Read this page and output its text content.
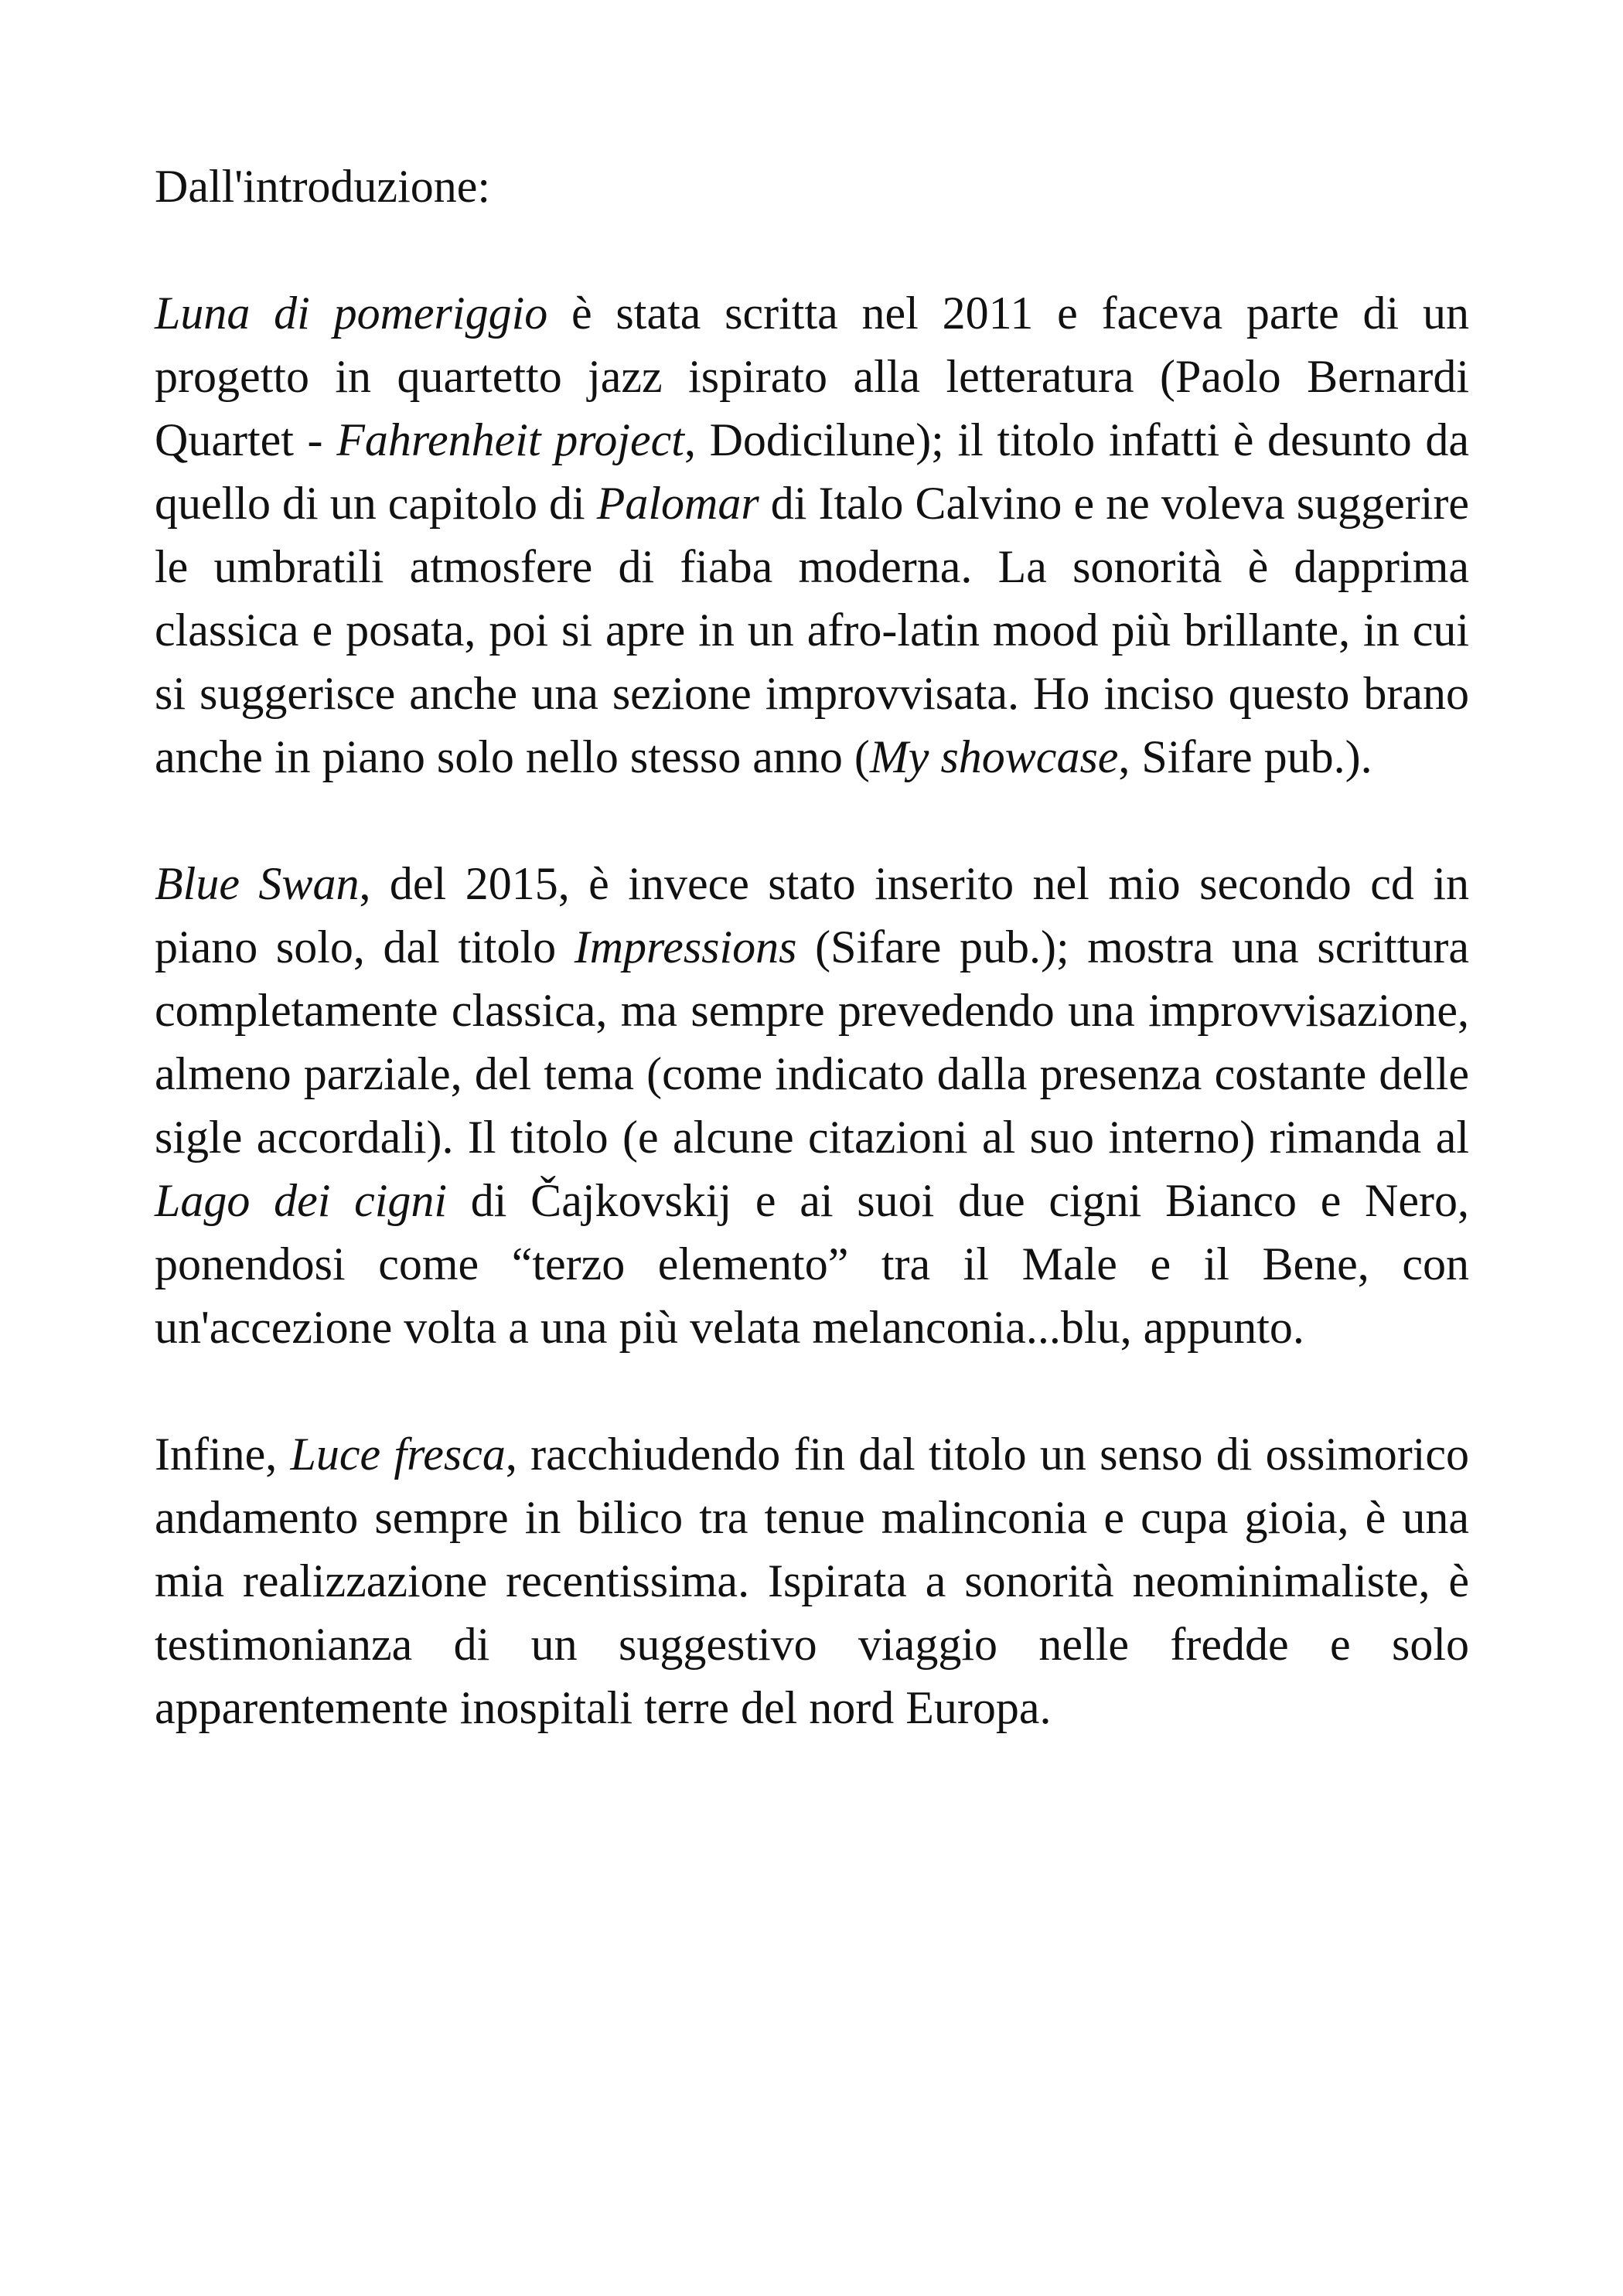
Dall'introduzione:

Luna di pomeriggio è stata scritta nel 2011 e faceva parte di un progetto in quartetto jazz ispirato alla letteratura (Paolo Bernardi Quartet - Fahrenheit project, Dodicilune); il titolo infatti è desunto da quello di un capitolo di Palomar di Italo Calvino e ne voleva suggerire le umbratili atmosfere di fiaba moderna. La sonorità è dapprima classica e posata, poi si apre in un afro-latin mood più brillante, in cui si suggerisce anche una sezione improvvisata. Ho inciso questo brano anche in piano solo nello stesso anno (My showcase, Sifare pub.).

Blue Swan, del 2015, è invece stato inserito nel mio secondo cd in piano solo, dal titolo Impressions (Sifare pub.); mostra una scrittura completamente classica, ma sempre prevedendo una improvvisazione, almeno parziale, del tema (come indicato dalla presenza costante delle sigle accordali). Il titolo (e alcune citazioni al suo interno) rimanda al Lago dei cigni di Čajkovskij e ai suoi due cigni Bianco e Nero, ponendosi come “terzo elemento” tra il Male e il Bene, con un'accezione volta a una più velata melanconia...blu, appunto.

Infine, Luce fresca, racchiudendo fin dal titolo un senso di ossimorico andamento sempre in bilico tra tenue malinconia e cupa gioia, è una mia realizzazione recentissima. Ispirata a sonorità neominimaliste, è testimonianza di un suggestivo viaggio nelle fredde e solo apparentemente inospitali terre del nord Europa.
